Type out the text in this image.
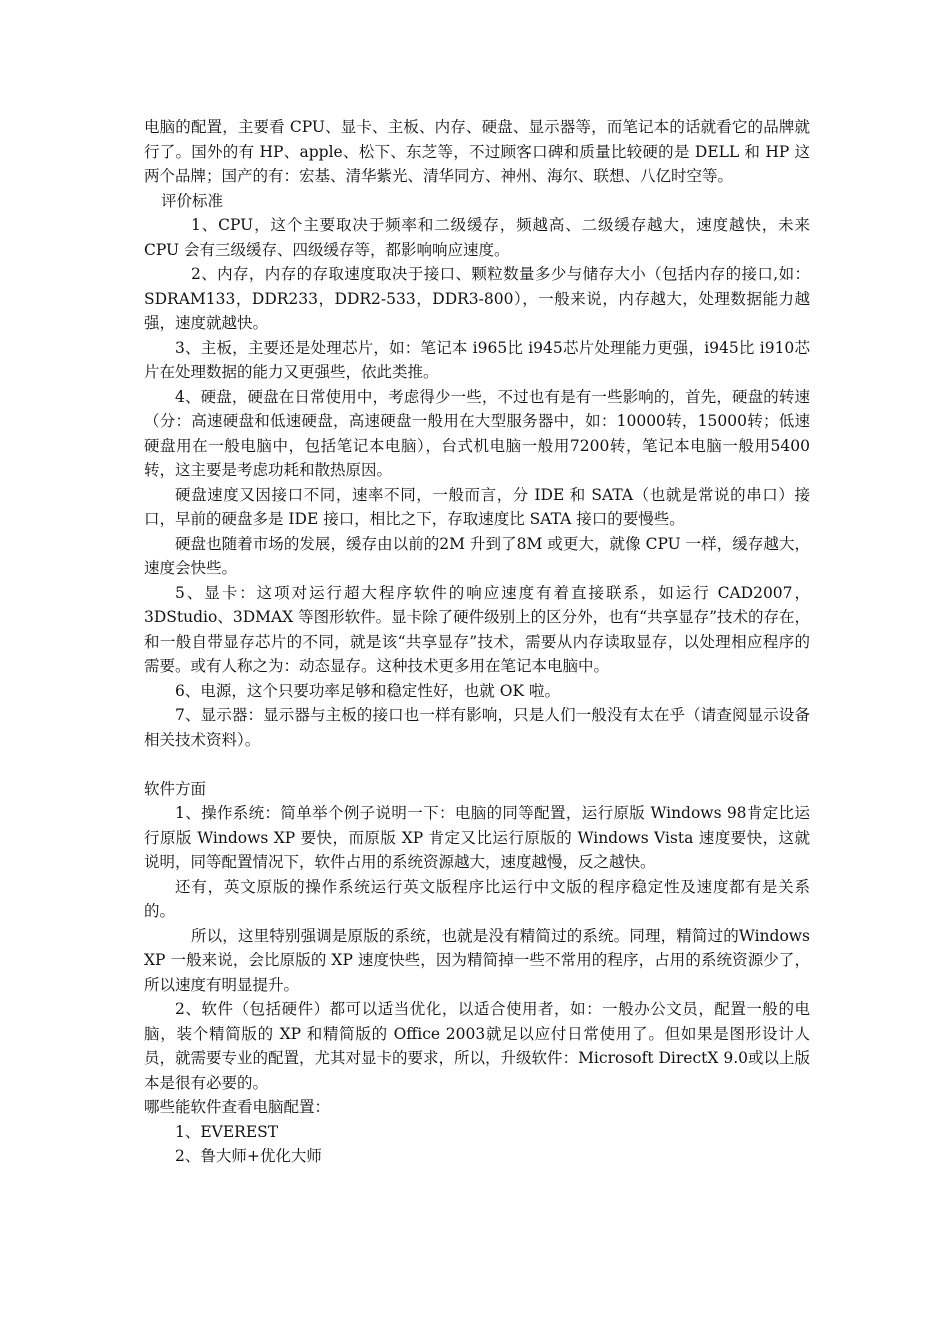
电脑的配置，主要看 CPU、显卡、主板、内存、硬盘、显示器等，而笔记本的话就看它的品牌就行了。国外的有 HP、apple、松下、东芝等，不过顾客口碑和质量比较硬的是 DELL 和 HP 这两个品牌；国产的有：宏基、清华紫光、清华同方、神州、海尔、联想、八亿时空等。

评价标准

1、CPU，这个主要取决于频率和二级缓存，频越高、二级缓存越大，速度越快，未来 CPU 会有三级缓存、四级缓存等，都影响响应速度。

2、内存，内存的存取速度取决于接口、颗粒数量多少与储存大小（包括内存的接口,如：SDRAM133，DDR233，DDR2-533，DDR3-800），一般来说，内存越大，处理数据能力越强，速度就越快。

3、主板，主要还是处理芯片，如：笔记本 i965比 i945芯片处理能力更强，i945比 i910芯片在处理数据的能力又更强些，依此类推。

4、硬盘，硬盘在日常使用中，考虑得少一些，不过也有是有一些影响的，首先，硬盘的转速（分：高速硬盘和低速硬盘，高速硬盘一般用在大型服务器中，如：10000转，15000转；低速硬盘用在一般电脑中，包括笔记本电脑），台式机电脑一般用7200转，笔记本电脑一般用5400转，这主要是考虑功耗和散热原因。

硬盘速度又因接口不同，速率不同，一般而言，分 IDE 和 SATA（也就是常说的串口）接口，早前的硬盘多是 IDE 接口，相比之下，存取速度比 SATA 接口的要慢些。

硬盘也随着市场的发展，缓存由以前的2M 升到了8M 或更大，就像 CPU 一样，缓存越大，速度会快些。

5、显卡：这项对运行超大程序软件的响应速度有着直接联系，如运行 CAD2007，3DStudio、3DMAX 等图形软件。显卡除了硬件级别上的区分外，也有“共享显存”技术的存在，和一般自带显存芯片的不同，就是该“共享显存”技术，需要从内存读取显存，以处理相应程序的需要。或有人称之为：动态显存。这种技术更多用在笔记本电脑中。

6、电源，这个只要功率足够和稳定性好，也就 OK 啦。

7、显示器：显示器与主板的接口也一样有影响，只是人们一般没有太在乎（请查阅显示设备相关技术资料）。

软件方面

1、操作系统：简单举个例子说明一下：电脑的同等配置，运行原版 Windows 98肯定比运行原版 Windows XP 要快，而原版 XP 肯定又比运行原版的 Windows Vista 速度要快，这就说明，同等配置情况下，软件占用的系统资源越大，速度越慢，反之越快。

还有，英文原版的操作系统运行英文版程序比运行中文版的程序稳定性及速度都有是关系的。

所以，这里特别强调是原版的系统，也就是没有精简过的系统。同理，精简过的Windows XP 一般来说，会比原版的 XP 速度快些，因为精简掉一些不常用的程序，占用的系统资源少了，所以速度有明显提升。

2、软件（包括硬件）都可以适当优化，以适合使用者，如：一般办公文员，配置一般的电脑，装个精简版的 XP 和精简版的 Office 2003就足以应付日常使用了。但如果是图形设计人员，就需要专业的配置，尤其对显卡的要求，所以，升级软件：Microsoft DirectX 9.0或以上版本是很有必要的。

哪些能软件查看电脑配置：

1、EVEREST

2、鲁大师+优化大师
